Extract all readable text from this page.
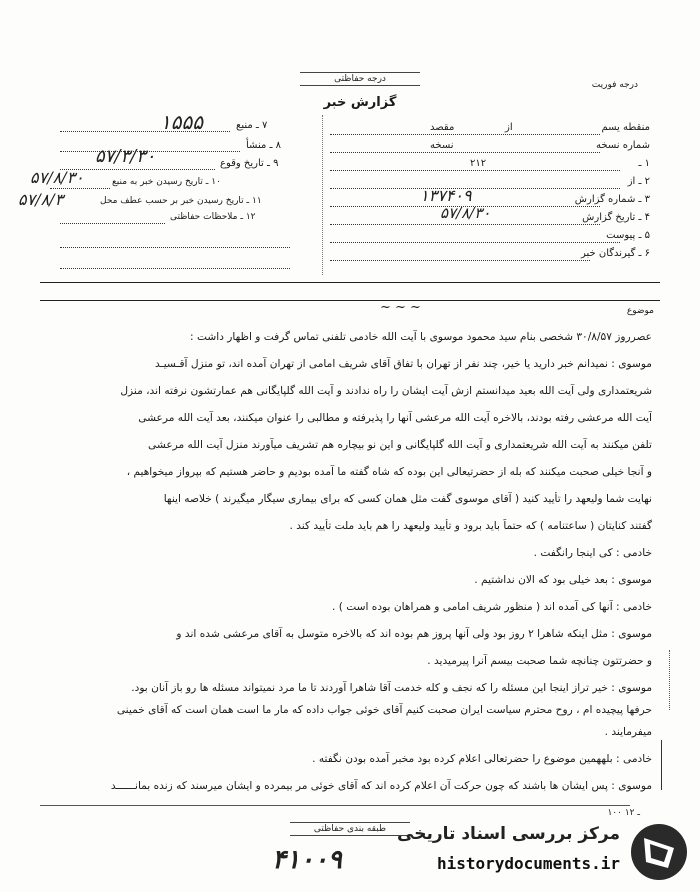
درجه حفاظتی
درجه فوریت
گزارش خبر
۷ ـ منبع
۱۵۵۵
۸ ـ منشأ
۹ ـ تاریخ وقوع
۵۷/۳/۳۰
۱۰ ـ تاریخ رسیدن خبر به منبع
۵۷/۸/۳۰
۱۱ ـ تاریخ رسیدن خبر بر حسب عطف محل
۵۷/۸/۳
۱۲ ـ ملاحظات حفاظتی
منقطه یسم
از
مقصد
شماره نسخه
نسخه
۱ ـ
۲۱۲
۲ ـ از
۳ ـ شماره گزارش
۱۳۷۴۰۹
۴ ـ تاریخ گزارش
۵۷/۸/۳۰
۵ ـ پیوست
۶ ـ گیرندگان خبر
موضوع
~ ~ ~
عصرروز ۳۰/۸/۵۷ شخصی بنام سید محمود موسوی با آیت الله خادمی تلفنی تماس گرفت و اظهار داشت :
موسوی : نمیدانم خبر دارید یا خیر، چند نفر از تهران با تفاق آقای شریف امامی از تهران آمده اند، تو منزل آقـسیـد
شریعتمداری ولی آیت الله بعید میدانستم ازش آیت ایشان را راه ندادند و آیت الله گلپایگانی هم عمارتشون نرفته اند، منزل
آیت الله مرعشی رفته بودند، بالاخره آیت الله مرعشی آنها را پذیرفته و مطالبی را عنوان میکنند، بعد آیت الله مرعشی
تلفن میکنند به آیت الله شریعتمداری و آیت الله گلپایگانی و این نو بیچاره هم تشریف میآورند منزل آیت الله مرعشی
و آنجا خیلی صحبت میکنند که بله از حضرتیعالی این بوده که شاه گفته ما آمده بودیم و حاضر هستیم که بپرواز میخواهیم ،
نهایت شما ولیعهد را تأیید کنید ( آقای موسوی گفت مثل همان کسی که برای بیماری سیگار میگیرند ) خلاصه اینها
گفتند کنایتان ( ساعتنامه ) که حتماً باید برود و تأیید ولیعهد را هم باید ملت تأیید کند .
خادمی : کی اینجا رانگفت .
موسوی : بعد خیلی بود که الان نداشتیم .
خادمی : آنها کی آمده اند ( منظور شریف امامی و همراهان بوده است ) .
موسوی : مثل اینکه شاهرا ۲ روز بود ولی آنها پروز هم بوده اند که بالاخره متوسل به آقای مرعشی شده اند و
و حضرتتون چنانچه شما صحبت بیسم آنرا پیرمیدید .
موسوی : خیر تراز اینجا این مسئله را که نجف و کله خدمت آقا شاهرا آوردند تا ما مرد نمیتواند مسئله ها رو باز آنان بود.
حرفها پیچیده ام ، روح محترم سیاست ایران صحبت کنیم آقای خوئی جواب داده که مار ما است همان است که آقای خمینی
میفرمایند .
خادمی : بلههمین موضوع را حضرتعالی اعلام کرده بود مخبر آمده بودن نگفته .
موسوی : پس ایشان ها باشند که چون حرکت آن اعلام کرده اند که آقای خوئی مر بیمرده و ایشان میرسند که زنده بمانــــــد
۱۰۰ ـ ۱۲
طبقه بندی حفاظتی
۴۱۰۰۹
مرکز بررسی اسناد تاریخی
historydocuments.ir
